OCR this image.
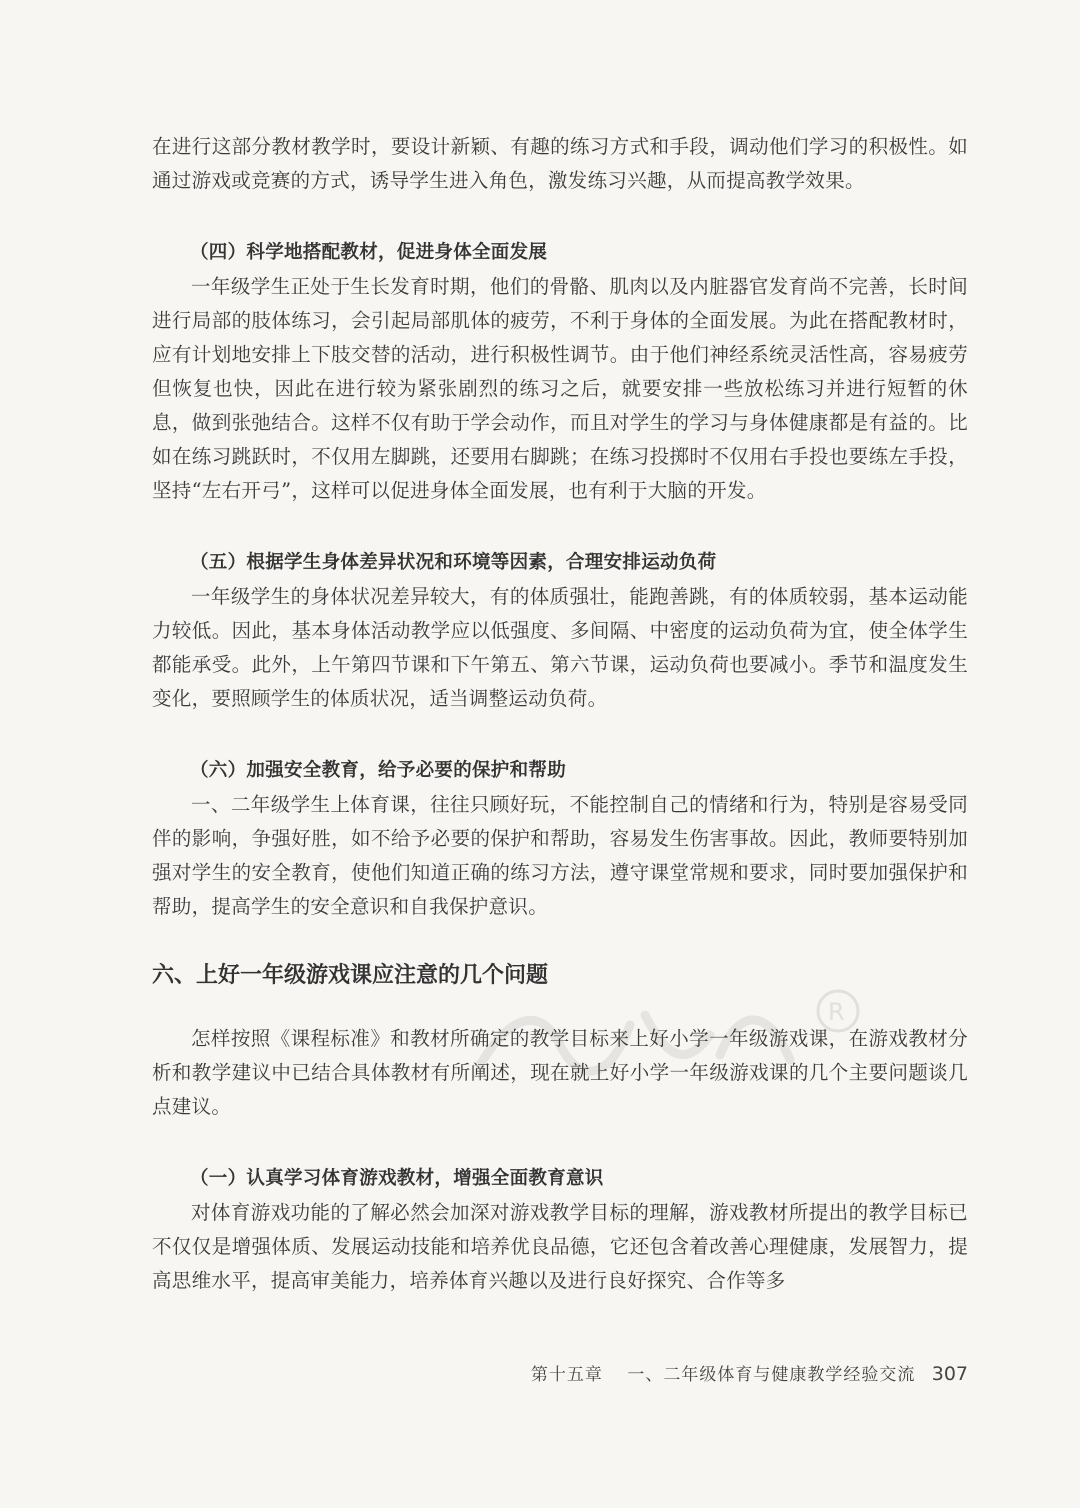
R

在进行这部分教材教学时，要设计新颖、有趣的练习方式和手段，调动他们学习的积极性。如通过游戏或竞赛的方式，诱导学生进入角色，激发练习兴趣，从而提高教学效果。

（四）科学地搭配教材，促进身体全面发展

一年级学生正处于生长发育时期，他们的骨骼、肌肉以及内脏器官发育尚不完善，长时间进行局部的肢体练习，会引起局部肌体的疲劳，不利于身体的全面发展。为此在搭配教材时，应有计划地安排上下肢交替的活动，进行积极性调节。由于他们神经系统灵活性高，容易疲劳但恢复也快，因此在进行较为紧张剧烈的练习之后，就要安排一些放松练习并进行短暂的休息，做到张弛结合。这样不仅有助于学会动作，而且对学生的学习与身体健康都是有益的。比如在练习跳跃时，不仅用左脚跳，还要用右脚跳；在练习投掷时不仅用右手投也要练左手投，坚持“左右开弓”，这样可以促进身体全面发展，也有利于大脑的开发。

（五）根据学生身体差异状况和环境等因素，合理安排运动负荷

一年级学生的身体状况差异较大，有的体质强壮，能跑善跳，有的体质较弱，基本运动能力较低。因此，基本身体活动教学应以低强度、多间隔、中密度的运动负荷为宜，使全体学生都能承受。此外，上午第四节课和下午第五、第六节课，运动负荷也要减小。季节和温度发生变化，要照顾学生的体质状况，适当调整运动负荷。

（六）加强安全教育，给予必要的保护和帮助

一、二年级学生上体育课，往往只顾好玩，不能控制自己的情绪和行为，特别是容易受同伴的影响，争强好胜，如不给予必要的保护和帮助，容易发生伤害事故。因此，教师要特别加强对学生的安全教育，使他们知道正确的练习方法，遵守课堂常规和要求，同时要加强保护和帮助，提高学生的安全意识和自我保护意识。

六、上好一年级游戏课应注意的几个问题

怎样按照《课程标准》和教材所确定的教学目标来上好小学一年级游戏课，在游戏教材分析和教学建议中已结合具体教材有所阐述，现在就上好小学一年级游戏课的几个主要问题谈几点建议。

（一）认真学习体育游戏教材，增强全面教育意识

对体育游戏功能的了解必然会加深对游戏教学目标的理解，游戏教材所提出的教学目标已不仅仅是增强体质、发展运动技能和培养优良品德，它还包含着改善心理健康，发展智力，提高思维水平，提高审美能力，培养体育兴趣以及进行良好探究、合作等多

第十五章 一、二年级体育与健康教学经验交流 307
